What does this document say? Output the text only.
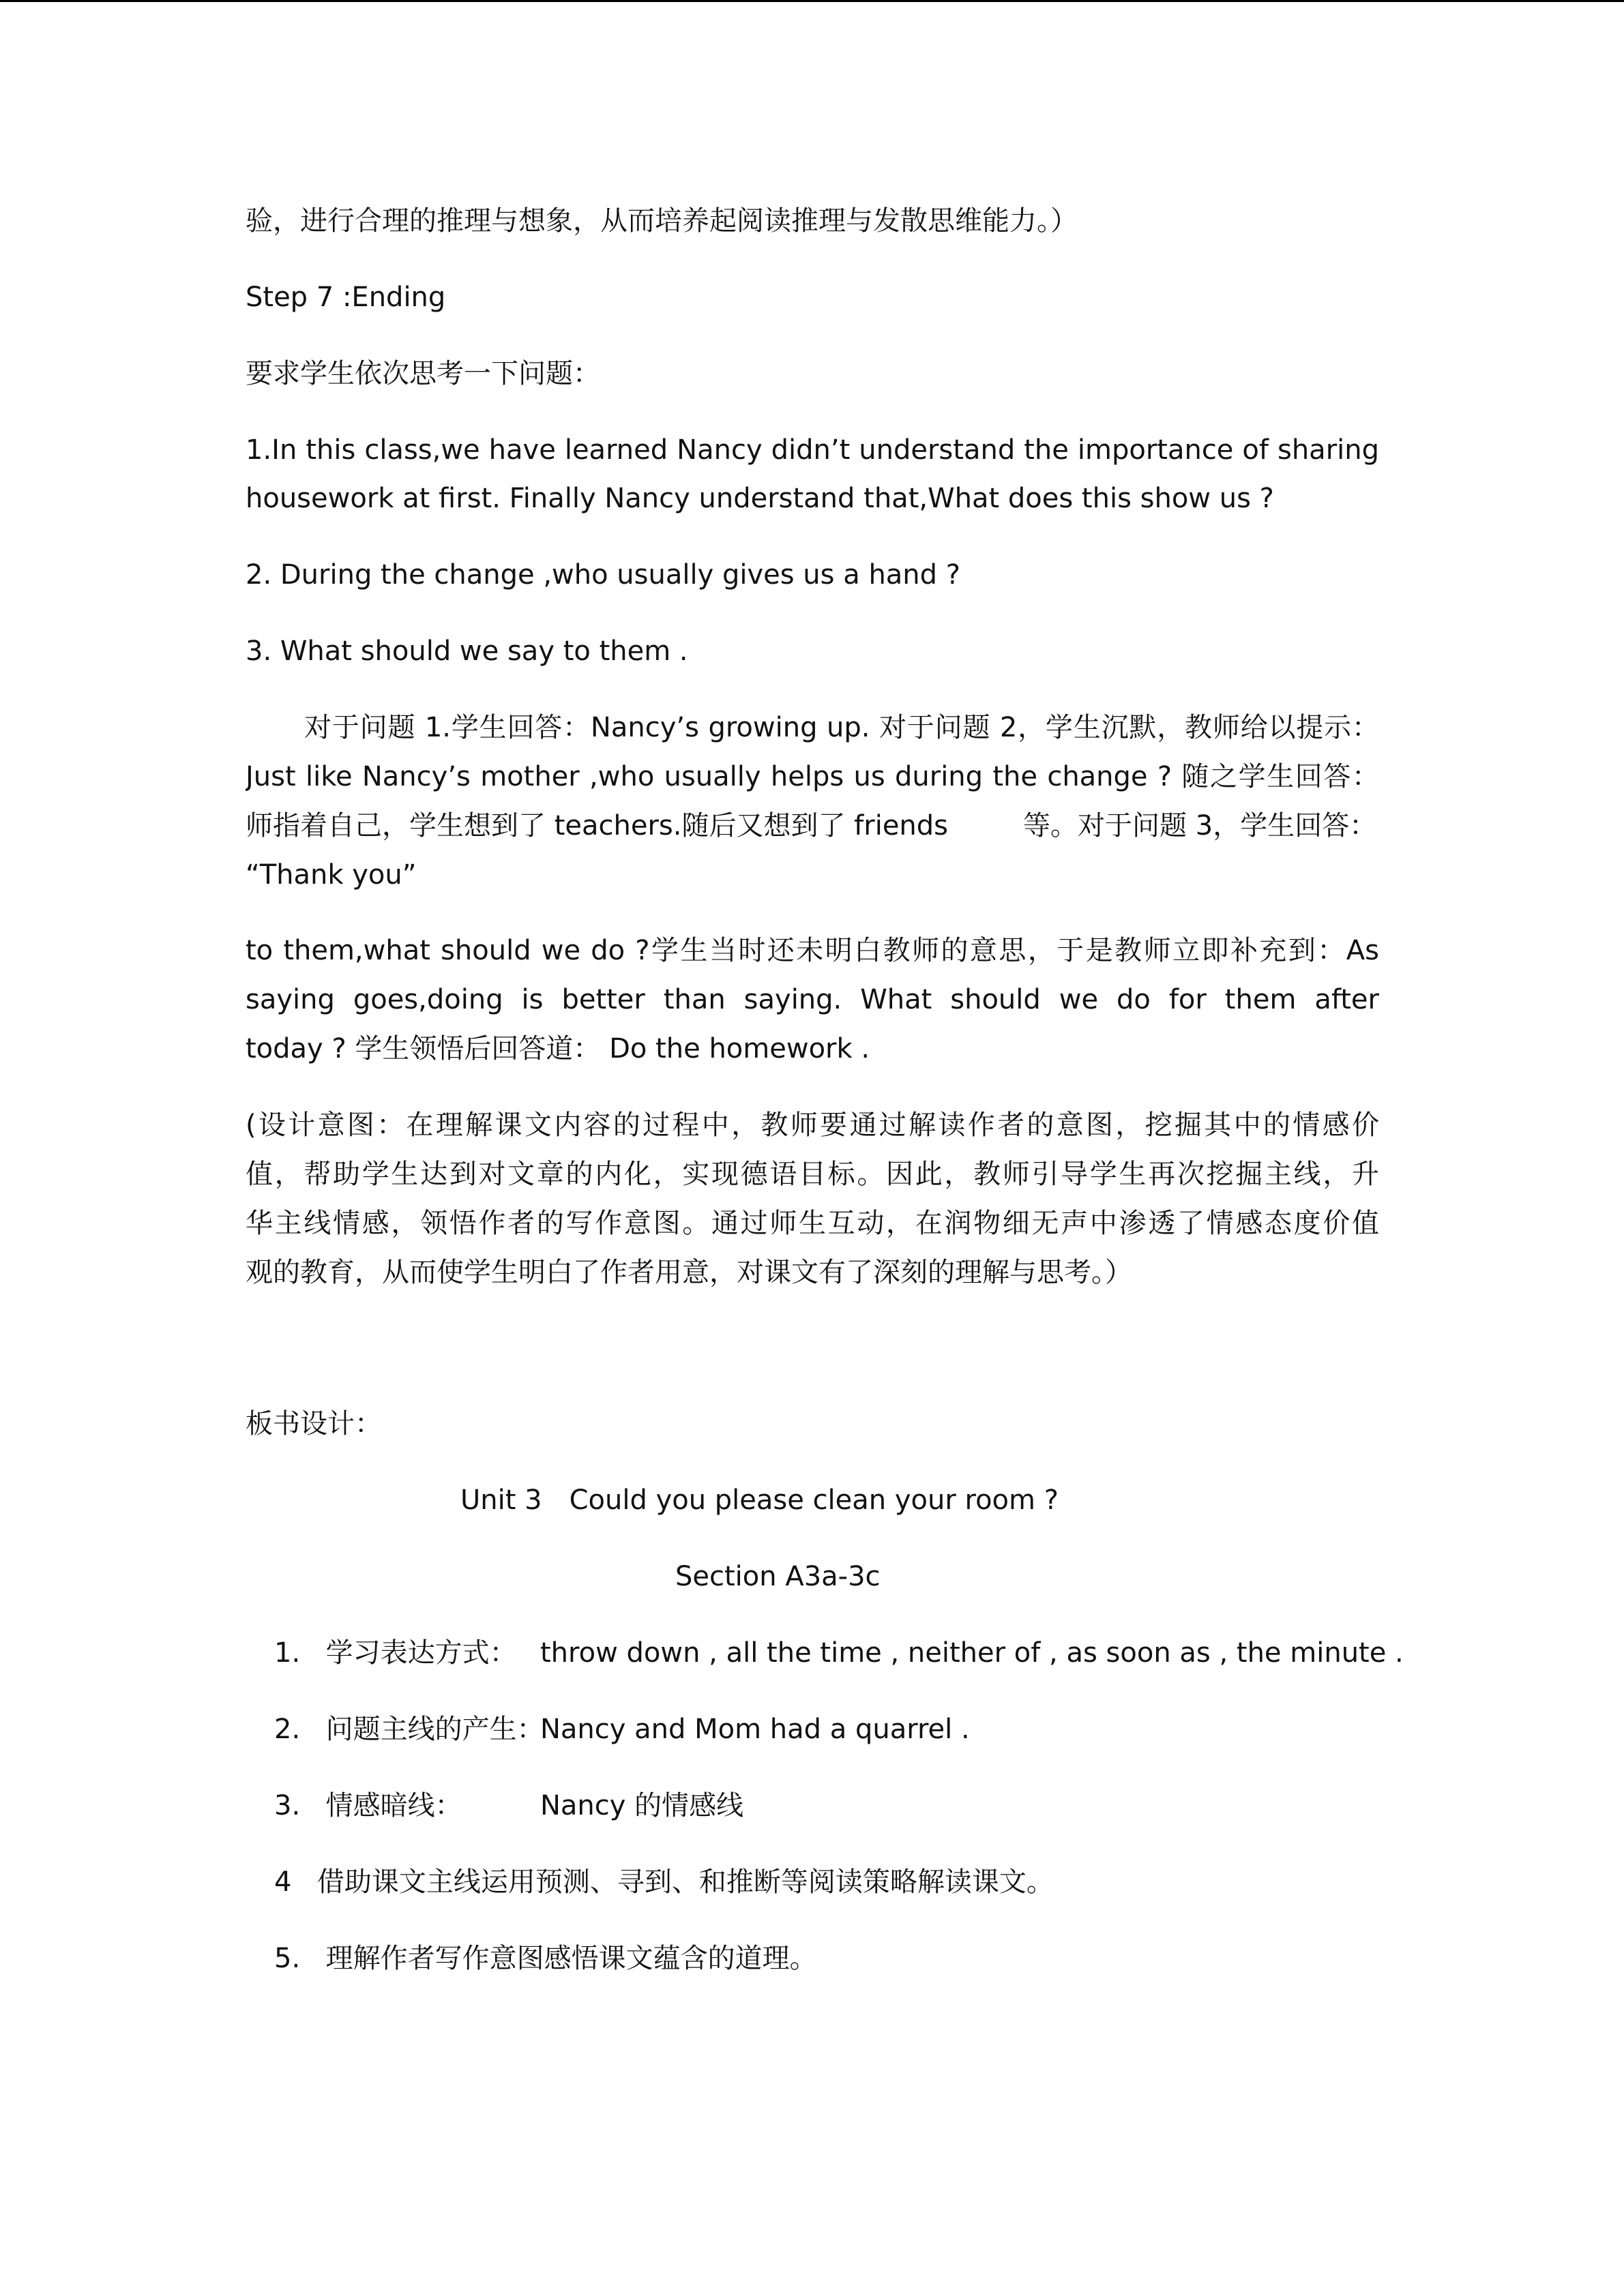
验，进行合理的推理与想象，从而培养起阅读推理与发散思维能力。）
Step 7 :Ending
要求学生依次思考一下问题：
1.In this class,we have learned Nancy didn’t understand the importance of sharing
housework at first. Finally Nancy understand that,What does this show us ?
2. During the change ,who usually gives us a hand ?
3. What should we say to them .
对于问题 1.学生回答：Nancy’s growing up. 对于问题 2，学生沉默，教师给以提示：
Just like Nancy’s mother ,who usually helps us during the change ? 随之学生回答：
师指着自己，学生想到了 teachers.随后又想到了 friends	等。对于问题 3，学生回答：
“Thank you”
to them,what should we do ?学生当时还未明白教师的意思，于是教师立即补充到：As
saying goes,doing is better than saying. What should we do for them after
today ? 学生领悟后回答道： Do the homework .
(设计意图：在理解课文内容的过程中，教师要通过解读作者的意图，挖掘其中的情感价
值，帮助学生达到对文章的内化，实现德语目标。因此，教师引导学生再次挖掘主线，升
华主线情感，领悟作者的写作意图。通过师生互动，在润物细无声中渗透了情感态度价值
观的教育，从而使学生明白了作者用意，对课文有了深刻的理解与思考。）
板书设计：
Unit 3 Could you please clean your room ?
Section A3a-3c
1. 学习表达方式： throw down , all the time , neither of , as soon as , the minute .
2. 问题主线的产生：
Nancy and Mom had a quarrel .
3. 情感暗线：	Nancy 的情感线
4 借助课文主线运用预测、寻到、和推断等阅读策略解读课文。
5. 理解作者写作意图感悟课文蕴含的道理。
